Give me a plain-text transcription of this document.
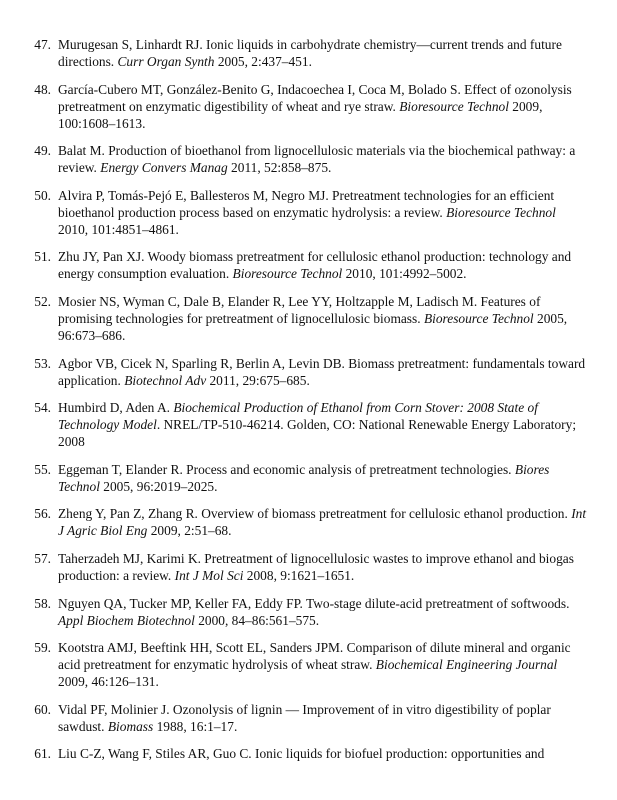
47. Murugesan S, Linhardt RJ. Ionic liquids in carbohydrate chemistry—current trends and future directions. Curr Organ Synth 2005, 2:437–451.
48. García-Cubero MT, González-Benito G, Indacoechea I, Coca M, Bolado S. Effect of ozonolysis pretreatment on enzymatic digestibility of wheat and rye straw. Bioresource Technol 2009, 100:1608–1613.
49. Balat M. Production of bioethanol from lignocellulosic materials via the biochemical pathway: a review. Energy Convers Manag 2011, 52:858–875.
50. Alvira P, Tomás-Pejó E, Ballesteros M, Negro MJ. Pretreatment technologies for an efficient bioethanol production process based on enzymatic hydrolysis: a review. Bioresource Technol 2010, 101:4851–4861.
51. Zhu JY, Pan XJ. Woody biomass pretreatment for cellulosic ethanol production: technology and energy consumption evaluation. Bioresource Technol 2010, 101:4992–5002.
52. Mosier NS, Wyman C, Dale B, Elander R, Lee YY, Holtzapple M, Ladisch M. Features of promising technologies for pretreatment of lignocellulosic biomass. Bioresource Technol 2005, 96:673–686.
53. Agbor VB, Cicek N, Sparling R, Berlin A, Levin DB. Biomass pretreatment: fundamentals toward application. Biotechnol Adv 2011, 29:675–685.
54. Humbird D, Aden A. Biochemical Production of Ethanol from Corn Stover: 2008 State of Technology Model. NREL/TP-510-46214. Golden, CO: National Renewable Energy Laboratory; 2008
55. Eggeman T, Elander R. Process and economic analysis of pretreatment technologies. Biores Technol 2005, 96:2019–2025.
56. Zheng Y, Pan Z, Zhang R. Overview of biomass pretreatment for cellulosic ethanol production. Int J Agric Biol Eng 2009, 2:51–68.
57. Taherzadeh MJ, Karimi K. Pretreatment of lignocellulosic wastes to improve ethanol and biogas production: a review. Int J Mol Sci 2008, 9:1621–1651.
58. Nguyen QA, Tucker MP, Keller FA, Eddy FP. Two-stage dilute-acid pretreatment of softwoods. Appl Biochem Biotechnol 2000, 84–86:561–575.
59. Kootstra AMJ, Beeftink HH, Scott EL, Sanders JPM. Comparison of dilute mineral and organic acid pretreatment for enzymatic hydrolysis of wheat straw. Biochemical Engineering Journal 2009, 46:126–131.
60. Vidal PF, Molinier J. Ozonolysis of lignin — Improvement of in vitro digestibility of poplar sawdust. Biomass 1988, 16:1–17.
61. Liu C-Z, Wang F, Stiles AR, Guo C. Ionic liquids for biofuel production: opportunities and
